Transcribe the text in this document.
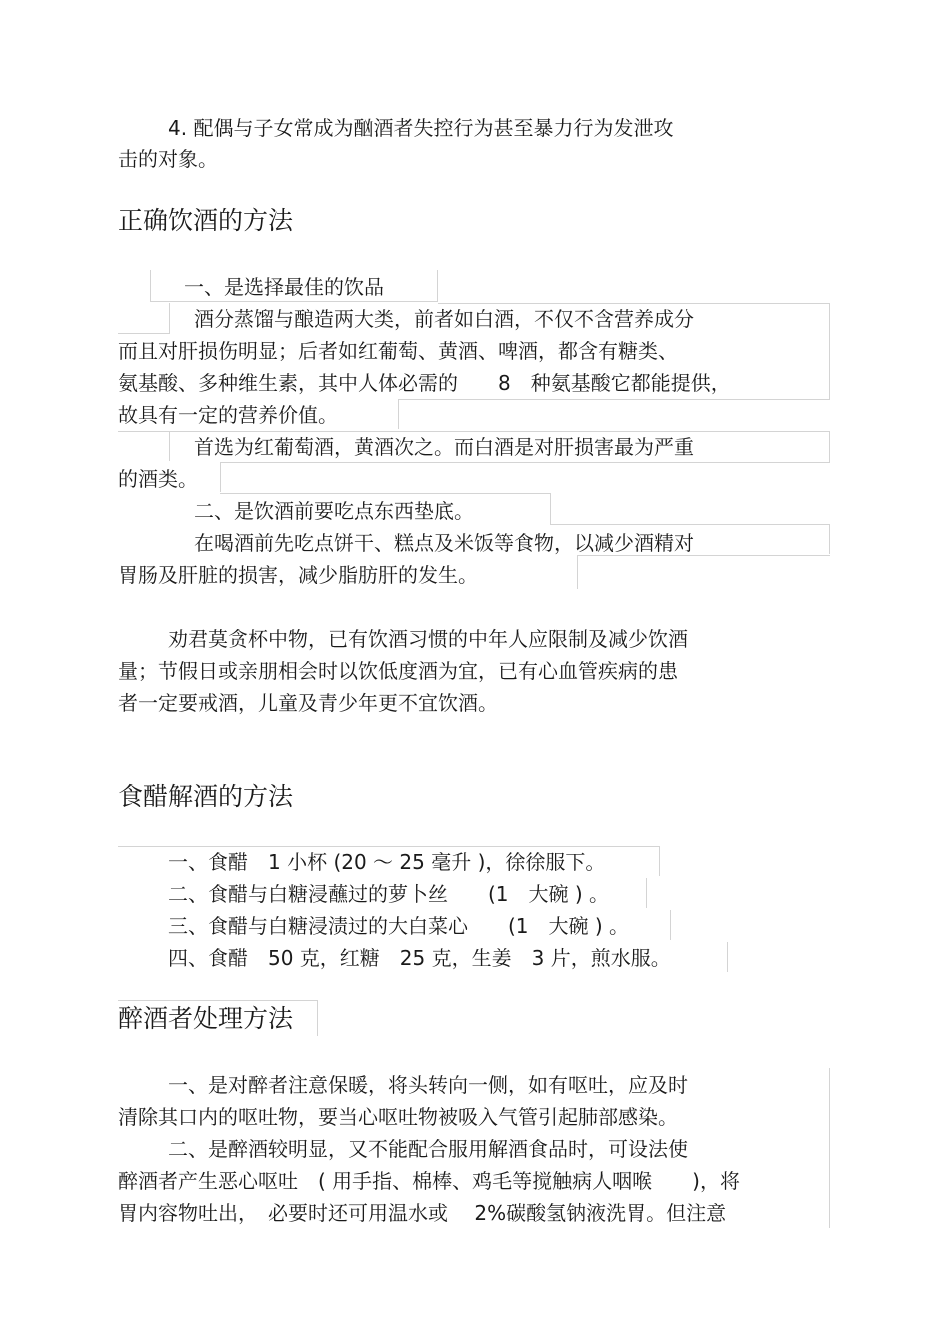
4. 配偶与子女常成为酗酒者失控行为甚至暴力行为发泄攻
击的对象。
正确饮酒的方法
一、是选择最佳的饮品
酒分蒸馏与酿造两大类，前者如白酒，不仅不含营养成分
而且对肝损伤明显；后者如红葡萄、黄酒、啤酒，都含有糖类、
氨基酸、多种维生素，其中人体必需的　　8　种氨基酸它都能提供，
故具有一定的营养价值。
首选为红葡萄酒，黄酒次之。而白酒是对肝损害最为严重
的酒类。
二、是饮酒前要吃点东西垫底。
在喝酒前先吃点饼干、糕点及米饭等食物，以减少酒精对
胃肠及肝脏的损害，减少脂肪肝的发生。
劝君莫贪杯中物，已有饮酒习惯的中年人应限制及减少饮酒
量；节假日或亲朋相会时以饮低度酒为宜，已有心血管疾病的患
者一定要戒酒，儿童及青少年更不宜饮酒。
食醋解酒的方法
一、食醋　1 小杯 (20 ～ 25 毫升 )，徐徐服下。
二、食醋与白糖浸蘸过的萝卜丝　　(1　大碗 ) 。
三、食醋与白糖浸渍过的大白菜心　　(1　大碗 ) 。
四、食醋　50 克，红糖　25 克，生姜　3 片，煎水服。
醉酒者处理方法
一、是对醉者注意保暖，将头转向一侧，如有呕吐，应及时
清除其口内的呕吐物，要当心呕吐物被吸入气管引起肺部感染。
二、是醉酒较明显，又不能配合服用解酒食品时，可设法使
醉酒者产生恶心呕吐　( 用手指、棉棒、鸡毛等搅触病人咽喉　　)，将
胃内容物吐出，　必要时还可用温水或　 2%碳酸氢钠液洗胃。但注意
